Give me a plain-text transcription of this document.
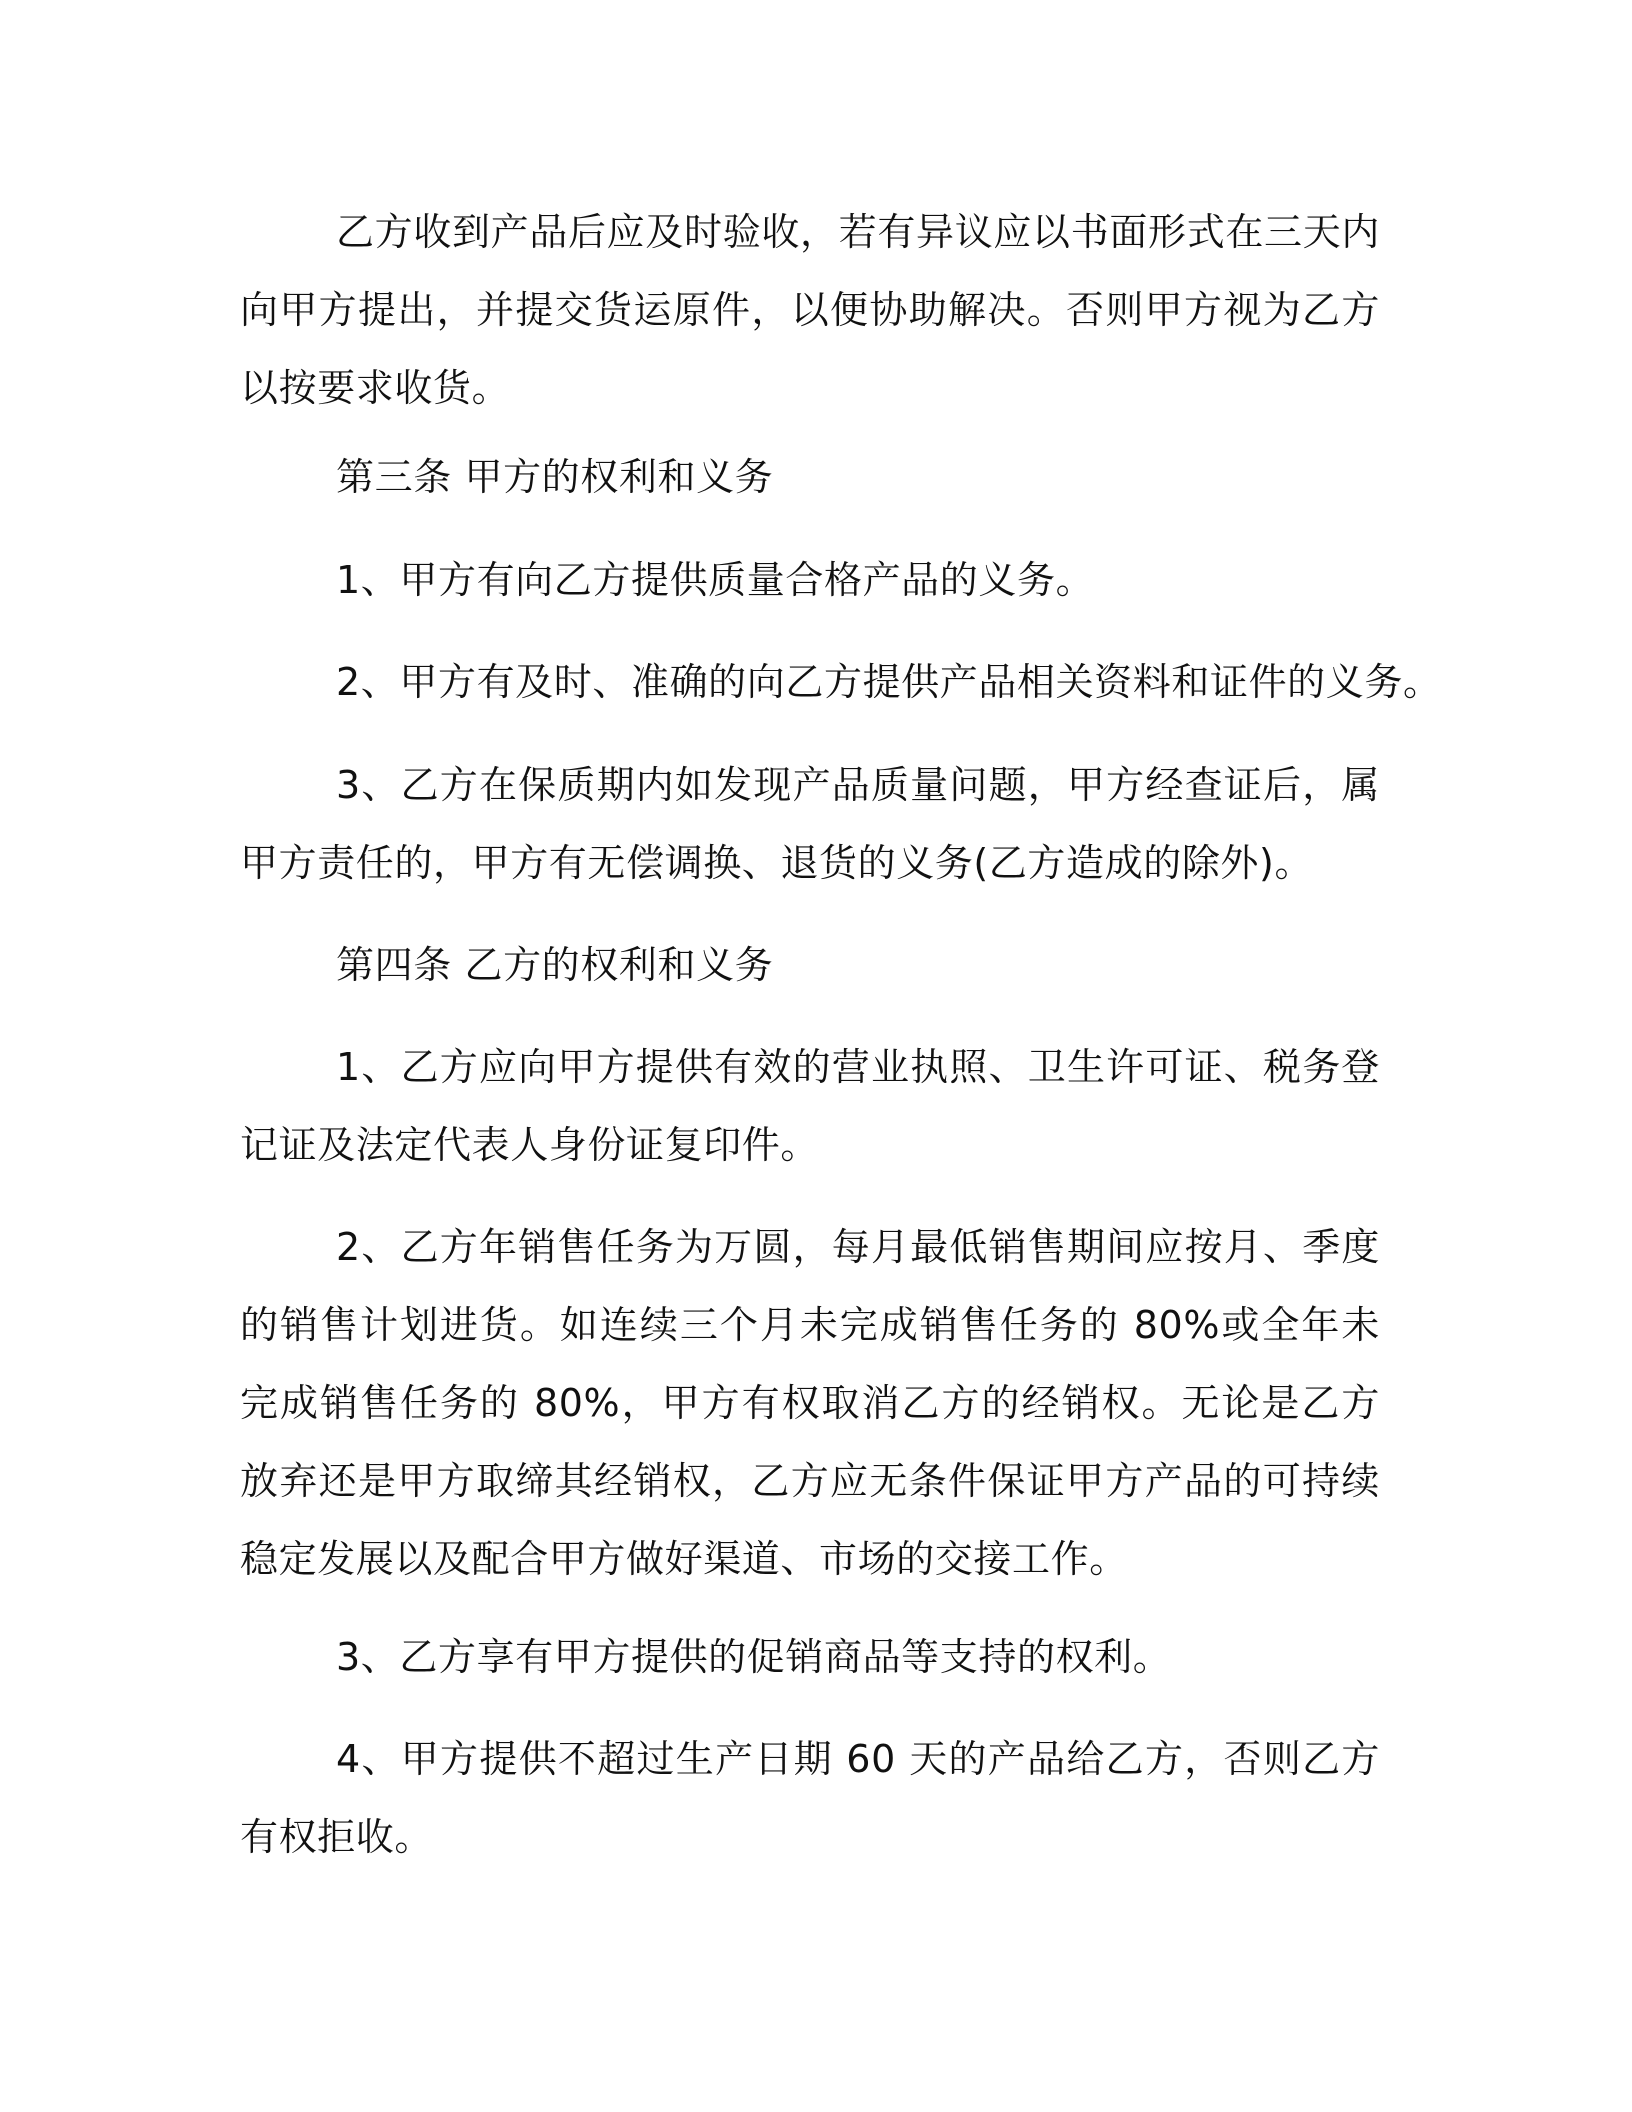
乙方收到产品后应及时验收，若有异议应以书面形式在三天内向甲方提出，并提交货运原件，以便协助解决。否则甲方视为乙方以按要求收货。

第三条 甲方的权利和义务

1、甲方有向乙方提供质量合格产品的义务。

2、甲方有及时、准确的向乙方提供产品相关资料和证件的义务。

3、乙方在保质期内如发现产品质量问题，甲方经查证后，属甲方责任的，甲方有无偿调换、退货的义务(乙方造成的除外)。

第四条 乙方的权利和义务

1、乙方应向甲方提供有效的营业执照、卫生许可证、税务登记证及法定代表人身份证复印件。

2、乙方年销售任务为万圆，每月最低销售期间应按月、季度的销售计划进货。如连续三个月未完成销售任务的 80%或全年未完成销售任务的 80%，甲方有权取消乙方的经销权。无论是乙方放弃还是甲方取缔其经销权，乙方应无条件保证甲方产品的可持续稳定发展以及配合甲方做好渠道、市场的交接工作。

3、乙方享有甲方提供的促销商品等支持的权利。

4、甲方提供不超过生产日期 60 天的产品给乙方，否则乙方有权拒收。
